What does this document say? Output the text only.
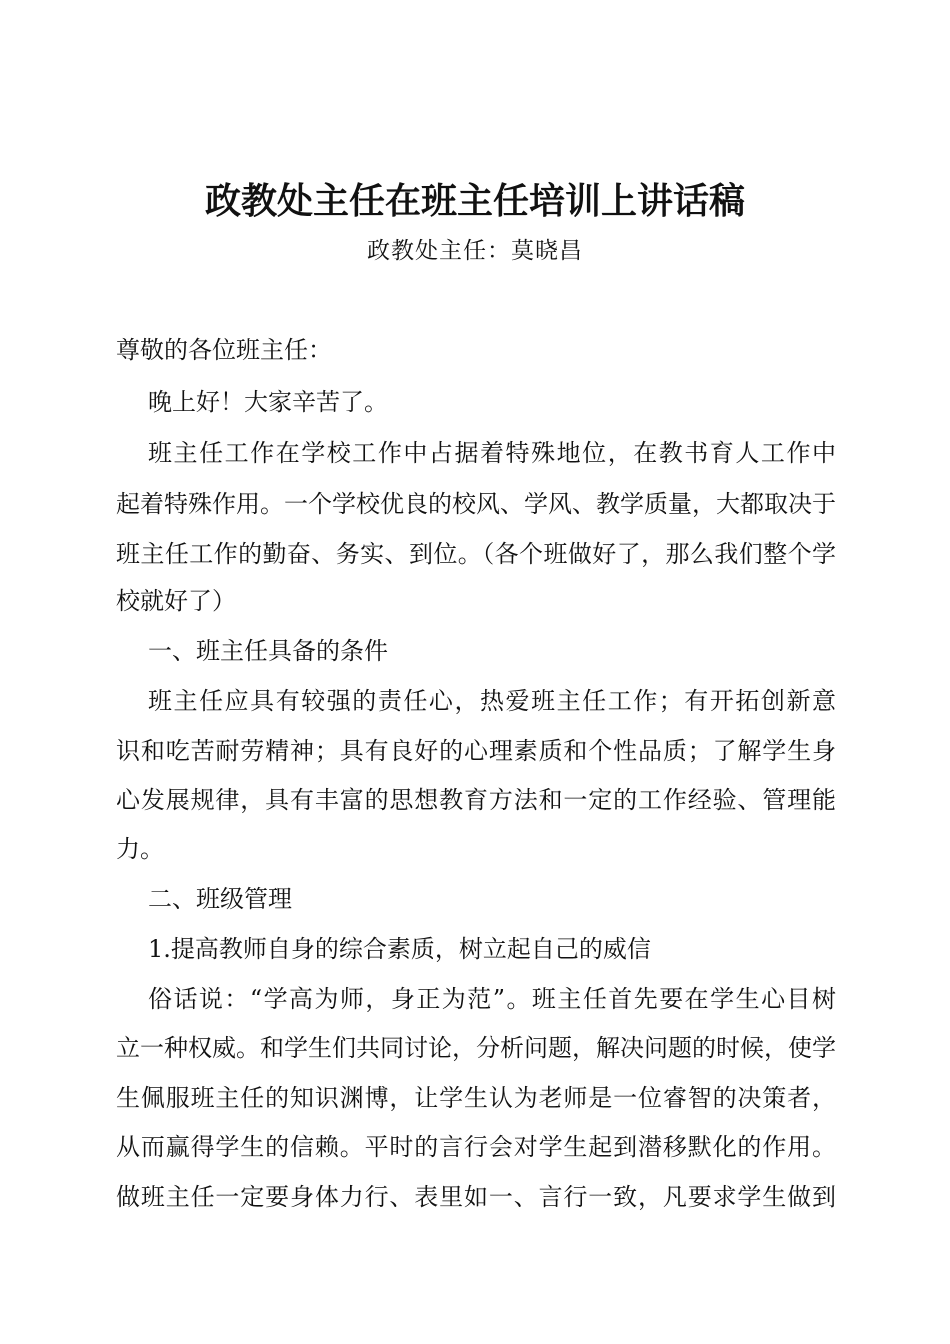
政教处主任在班主任培训上讲话稿
政教处主任：莫晓昌
尊敬的各位班主任：
晚上好！大家辛苦了。
班主任工作在学校工作中占据着特殊地位，在教书育人工作中
起着特殊作用。一个学校优良的校风、学风、教学质量，大都取决于
班主任工作的勤奋、务实、到位。（各个班做好了，那么我们整个学
校就好了）
一、班主任具备的条件
班主任应具有较强的责任心，热爱班主任工作；有开拓创新意
识和吃苦耐劳精神；具有良好的心理素质和个性品质；了解学生身
心发展规律，具有丰富的思想教育方法和一定的工作经验、管理能
力。
二、班级管理
1.提高教师自身的综合素质，树立起自己的威信
俗话说：“学高为师，身正为范”。班主任首先要在学生心目树
立一种权威。和学生们共同讨论，分析问题，解决问题的时候，使学
生佩服班主任的知识渊博，让学生认为老师是一位睿智的决策者，
从而赢得学生的信赖。平时的言行会对学生起到潜移默化的作用。
做班主任一定要身体力行、表里如一、言行一致，凡要求学生做到
